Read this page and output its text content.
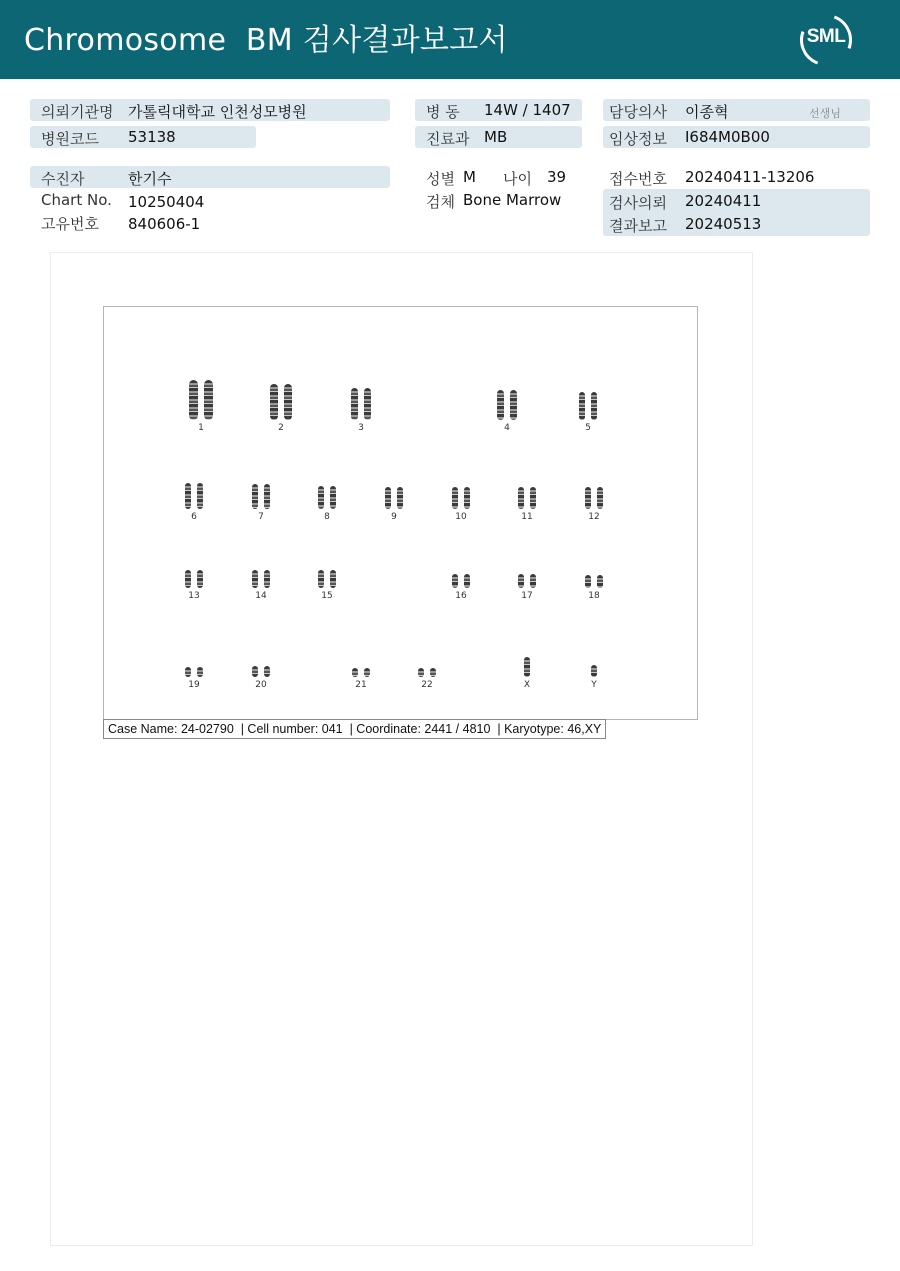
Chromosome  BM 검사결과보고서	SML
의뢰기관명 가톨릭대학교 인천성모병원	병 동 14W / 1407	담당의사 이종혁	선생님
병원코드 53138	진료과 MB	임상정보 I684M0B00
수진자	한기수	성별 M 나이 39	접수번호 20240411-13206
Chart No. 10250404	검체 Bone Marrow	검사의뢰 20240411
고유번호 840606-1	결과보고 20240513
1	2	3	4	5
6	7	8	9	10	11	12
13	14	15	16	17	18
19	20	21	22	X	Y
Case Name: 24-02790  | Cell number: 041  | Coordinate: 2441 / 4810  | Karyotype: 46,XY
